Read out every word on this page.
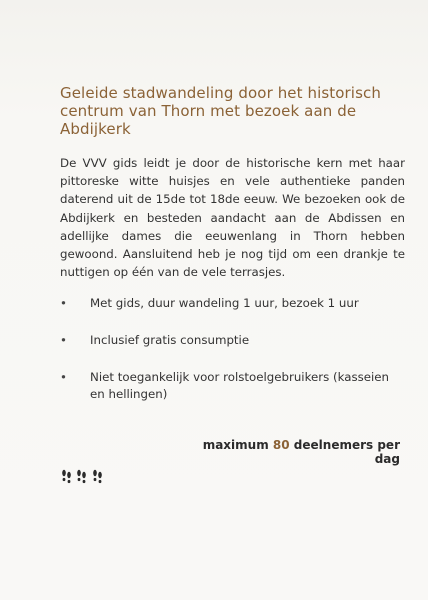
Geleide stadwandeling door het historisch centrum van Thorn met bezoek aan de Abdijkerk

De VVV gids leidt je door de historische kern met haar pittoreske witte huisjes en vele authentieke panden daterend uit de 15de tot 18de eeuw. We bezoeken ook de Abdijkerk en besteden aandacht aan de Abdissen en adellijke dames die eeuwenlang in Thorn hebben gewoond. Aansluitend heb je nog tijd om een drankje te nuttigen op één van de vele terrasjes.

• Met gids, duur wandeling 1 uur, bezoek 1 uur
• Inclusief gratis consumptie
• Niet toegankelijk voor rolstoelgebruikers (kasseien en hellingen)
maximum 80 deelnemers per dag
